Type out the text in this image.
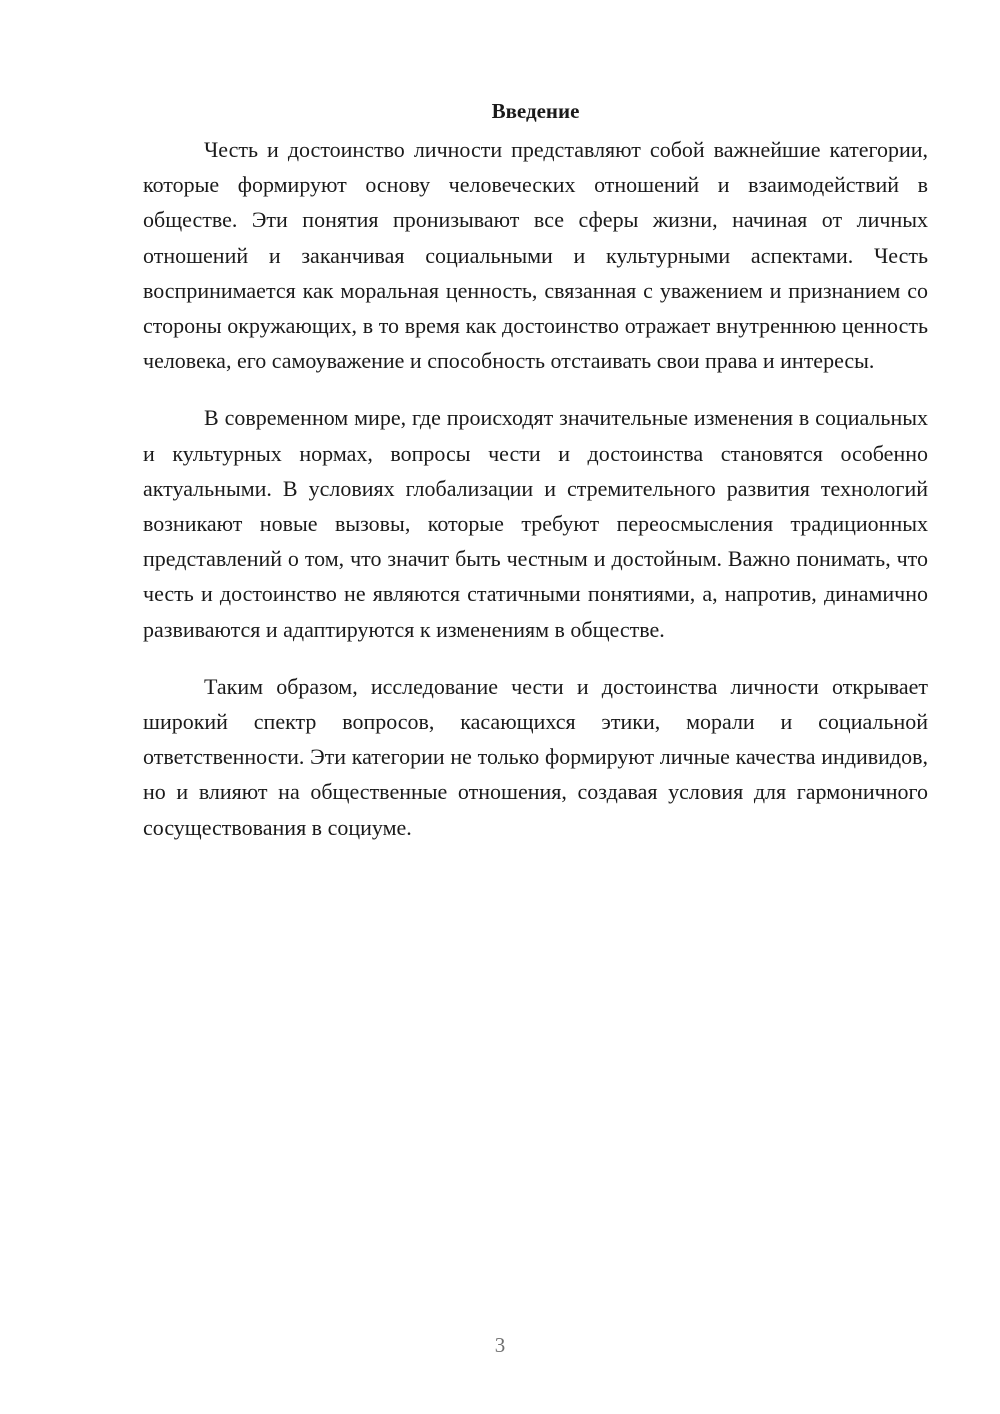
Введение

Честь и достоинство личности представляют собой важнейшие категории, которые формируют основу человеческих отношений и взаимодействий в обществе. Эти понятия пронизывают все сферы жизни, начиная от личных отношений и заканчивая социальными и культурными аспектами. Честь воспринимается как моральная ценность, связанная с уважением и признанием со стороны окружающих, в то время как достоинство отражает внутреннюю ценность человека, его самоуважение и способность отстаивать свои права и интересы.

В современном мире, где происходят значительные изменения в социальных и культурных нормах, вопросы чести и достоинства становятся особенно актуальными. В условиях глобализации и стремительного развития технологий возникают новые вызовы, которые требуют переосмысления традиционных представлений о том, что значит быть честным и достойным. Важно понимать, что честь и достоинство не являются статичными понятиями, а, напротив, динамично развиваются и адаптируются к изменениям в обществе.

Таким образом, исследование чести и достоинства личности открывает широкий спектр вопросов, касающихся этики, морали и социальной ответственности. Эти категории не только формируют личные качества индивидов, но и влияют на общественные отношения, создавая условия для гармоничного сосуществования в социуме.

3
